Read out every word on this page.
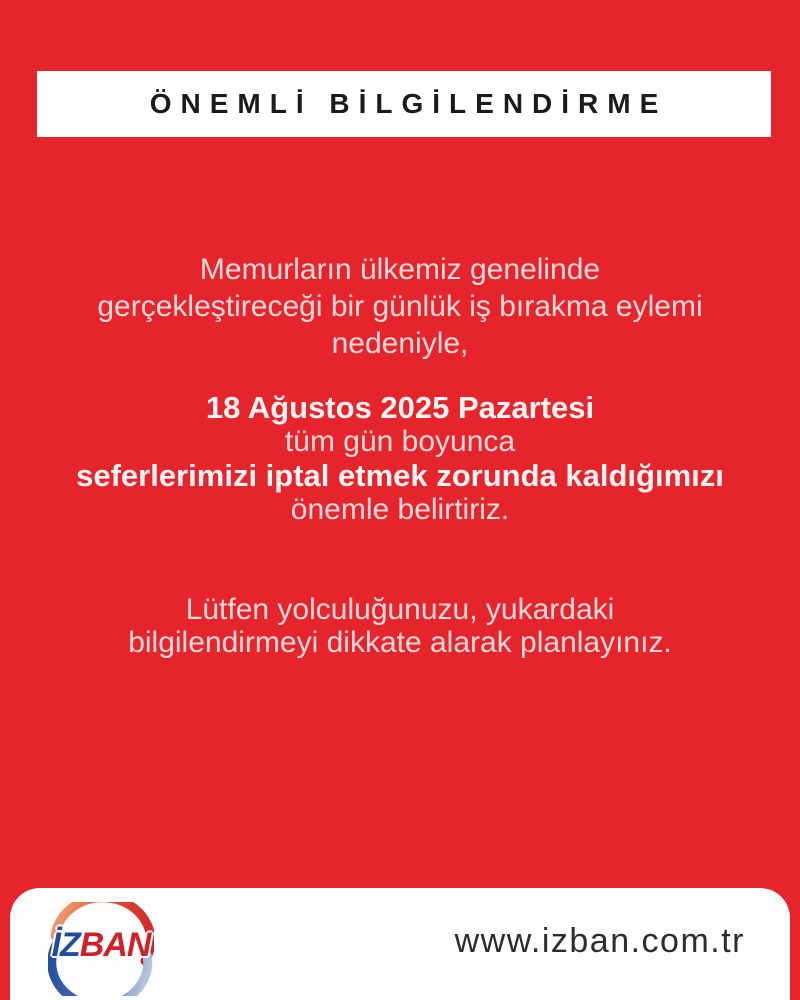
ÖNEMLİ BİLGİLENDİRME
Memurların ülkemiz genelinde
gerçekleştireceği bir günlük iş bırakma eylemi
nedeniyle,
18 Ağustos 2025 Pazartesi
tüm gün boyunca
seferlerimizi iptal etmek zorunda kaldığımızı
önemle belirtiriz.
Lütfen yolculuğunuzu, yukardaki
bilgilendirmeyi dikkate alarak planlayınız.
İZ BAN	www.izban.com.tr
